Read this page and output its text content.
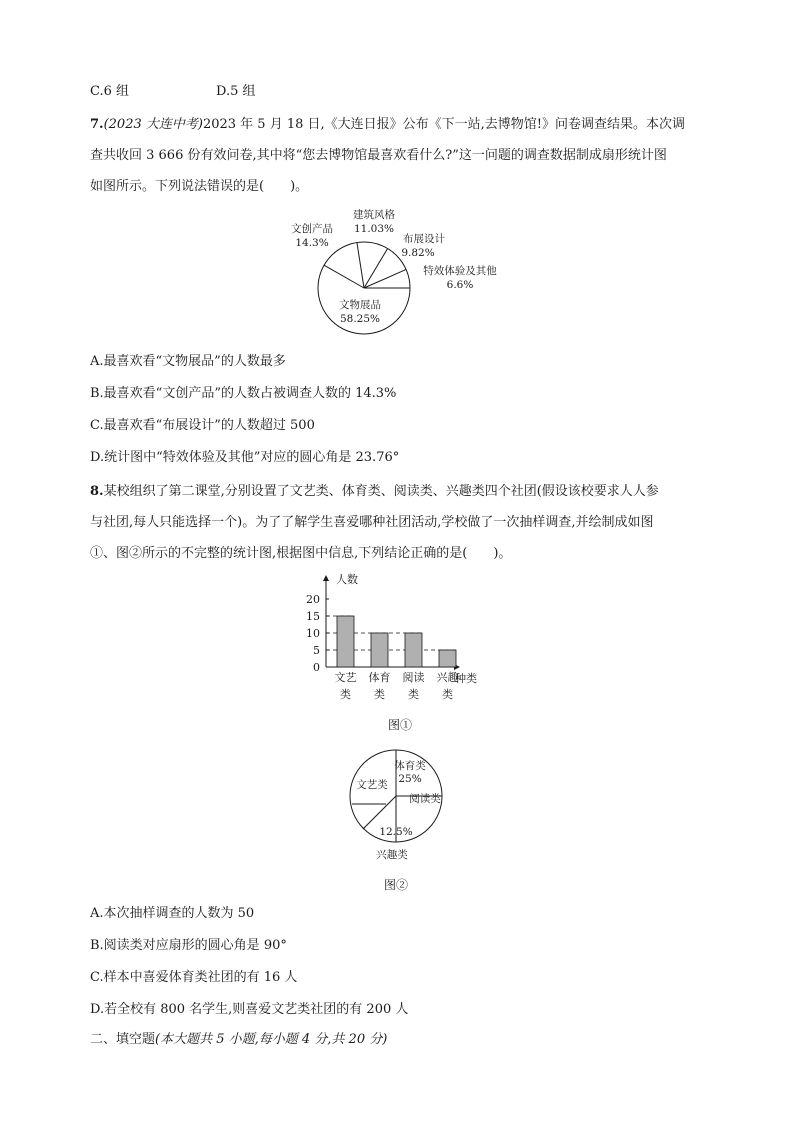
C.6 组	D.5 组
7.(2023 大连中考)2023 年 5 月 18 日,《大连日报》公布《下一站,去博物馆!》问卷调查结果。本次调
查共收回 3 666 份有效问卷,其中将“您去博物馆最喜欢看什么?”这一问题的调查数据制成扇形统计图
如图所示。下列说法错误的是(　　)。
文创产品
14.3%
建筑风格
11.03%
布展设计
9.82%
特效体验及其他
6.6%
文物展品
58.25%
A.最喜欢看“文物展品”的人数最多
B.最喜欢看“文创产品”的人数占被调查人数的 14.3%
C.最喜欢看“布展设计”的人数超过 500
D.统计图中“特效体验及其他”对应的圆心角是 23.76°
8.某校组织了第二课堂,分别设置了文艺类、体育类、阅读类、兴趣类四个社团(假设该校要求人人参
与社团,每人只能选择一个)。为了了解学生喜爱哪种社团活动,学校做了一次抽样调查,并绘制成如图
①、图②所示的不完整的统计图,根据图中信息,下列结论正确的是(　　)。
人数
种类
0
5
10
15
20
文艺
类
体育
类
阅读
类
兴趣
类
图①
文艺类
体育类
25%
阅读类
12.5%
兴趣类
图②
A.本次抽样调查的人数为 50
B.阅读类对应扇形的圆心角是 90°
C.样本中喜爱体育类社团的有 16 人
D.若全校有 800 名学生,则喜爱文艺类社团的有 200 人
二、填空题(本大题共 5 小题,每小题 4 分,共 20 分)
